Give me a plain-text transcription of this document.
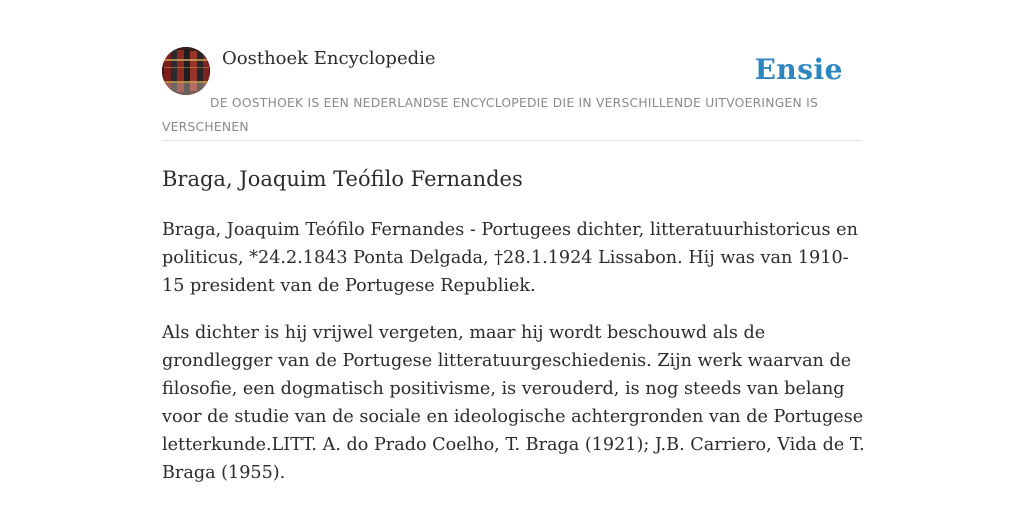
Oosthoek Encyclopedie	Ensie
DE OOSTHOEK IS EEN NEDERLANDSE ENCYCLOPEDIE DIE IN VERSCHILLENDE UITVOERINGEN IS VERSCHENEN
Braga, Joaquim Teófilo Fernandes

Braga, Joaquim Teófilo Fernandes - Portugees dichter, litteratuurhistoricus en politicus, *24.2.1843 Ponta Delgada, †28.1.1924 Lissabon. Hij was van 1910-15 president van de Portugese Republiek.

Als dichter is hij vrijwel vergeten, maar hij wordt beschouwd als de grondlegger van de Portugese litteratuurgeschiedenis. Zijn werk waarvan de filosofie, een dogmatisch positivisme, is verouderd, is nog steeds van belang voor de studie van de sociale en ideologische achtergronden van de Portugese letterkunde.LITT. A. do Prado Coelho, T. Braga (1921); J.B. Carriero, Vida de T. Braga (1955).
